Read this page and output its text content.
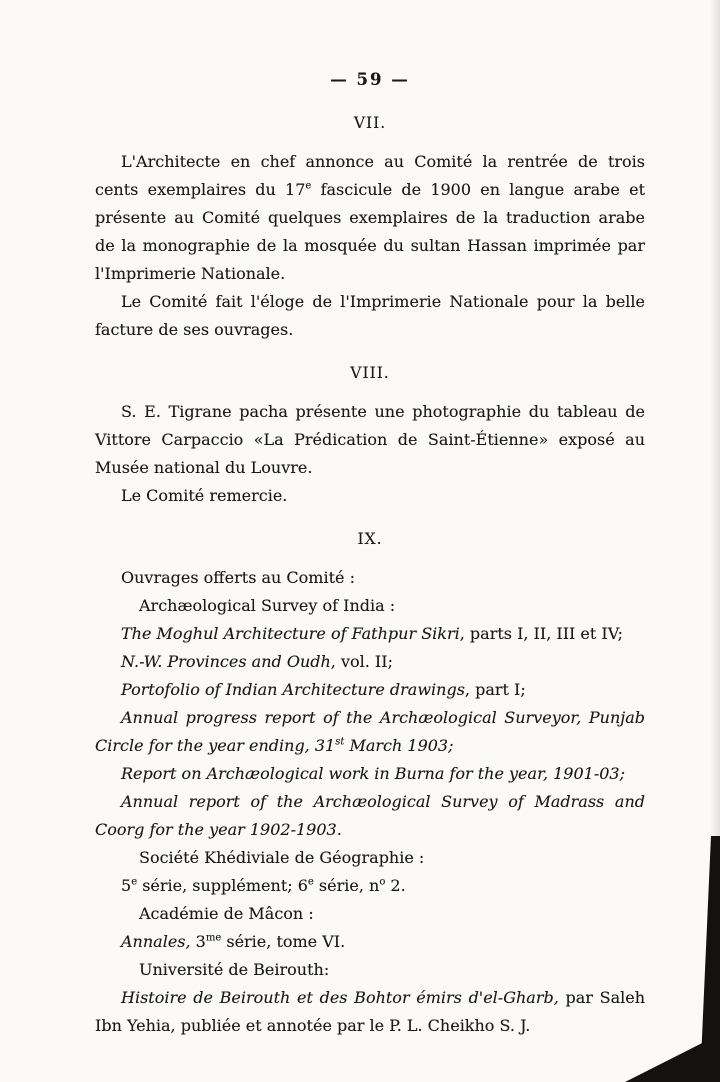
— 59 —
VII.

L'Architecte en chef annonce au Comité la rentrée de trois cents exemplaires du 17e fascicule de 1900 en langue arabe et présente au Comité quelques exemplaires de la traduction arabe de la monographie de la mosquée du sultan Hassan imprimée par l'Imprimerie Nationale.

Le Comité fait l'éloge de l'Imprimerie Nationale pour la belle facture de ses ouvrages.

VIII.

S. E. Tigrane pacha présente une photographie du tableau de Vittore Carpaccio «La Prédication de Saint-Étienne» exposé au Musée national du Louvre.

Le Comité remercie.

IX.

Ouvrages offerts au Comité :

Archæological Survey of India :

The Moghul Architecture of Fathpur Sikri, parts I, II, III et IV;

N.-W. Provinces and Oudh, vol. II;

Portofolio of Indian Architecture drawings, part I;

Annual progress report of the Archæological Surveyor, Punjab Circle for the year ending, 31st March 1903;

Report on Archæological work in Burna for the year, 1901-03;

Annual report of the Archæological Survey of Madrass and Coorg for the year 1902-1903.

Société Khédiviale de Géographie :

5e série, supplément; 6e série, $n^o$ 2.

Académie de Mâcon :

Annales, $3^{me}$ série, tome VI.

Université de Beirouth:

Histoire de Beirouth et des Bohtor émirs d'el-Gharb, par Saleh Ibn Yehia, publiée et annotée par le P. L. Cheikho S. J.
